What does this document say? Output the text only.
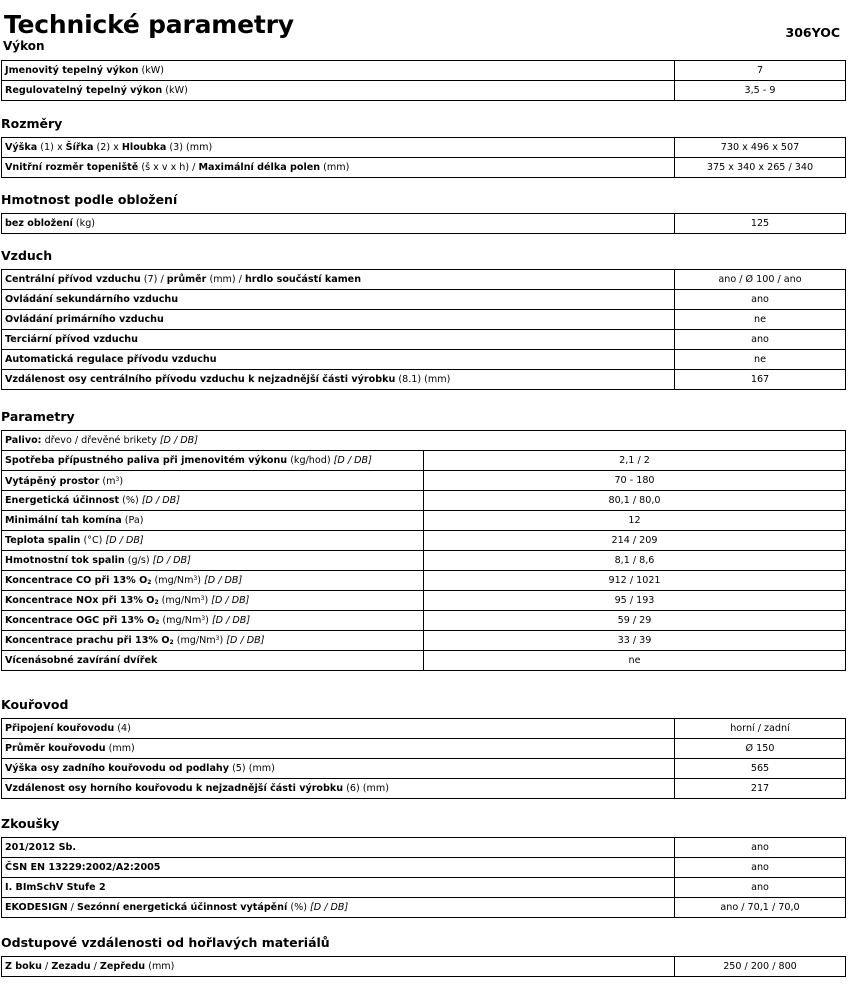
Technické parametry	306YOC
Výkon
Jmenovitý tepelný výkon (kW)	7
Regulovatelný tepelný výkon (kW)	3,5 - 9
Rozměry
Výška (1) x Šířka (2) x Hloubka (3) (mm)	730 x 496 x 507
Vnitřní rozměr topeniště (š x v x h) / Maximální délka polen (mm)	375 x 340 x 265 / 340
Hmotnost podle obložení
bez obložení (kg)	125
Vzduch
Centrální přívod vzduchu (7) / průměr (mm) / hrdlo součástí kamen	ano / Ø 100 / ano
Ovládání sekundárního vzduchu	ano
Ovládání primárního vzduchu	ne
Terciární přívod vzduchu	ano
Automatická regulace přívodu vzduchu	ne
Vzdálenost osy centrálního přívodu vzduchu k nejzadnější části výrobku (8.1) (mm)	167
Parametry
Palivo: dřevo / dřevěné brikety [D / DB]	
Spotřeba přípustného paliva při jmenovitém výkonu (kg/hod) [D / DB]	2,1 / 2
Vytápěný prostor $(m^3)$	70 - 180
Energetická účinnost (%) [D / DB]	80,1 / 80,0
Minimální tah komína (Pa)	12
Teplota spalin (°C) [D / DB]	214 / 209
Hmotnostní tok spalin (g/s) [D / DB]	8,1 / 8,6
Koncentrace CO při 13% $O_2$ (mg/Nm$^3$) [D / DB]	912 / 1021
Koncentrace NOx při 13% $O_2$ (mg/Nm$^3$) [D / DB]	95 / 193
Koncentrace OGC při 13% $O_2$ (mg/Nm$^3$) [D / DB]	59 / 29
Koncentrace prachu při 13% $O_2$ (mg/Nm$^3$) [D / DB]	33 / 39
Vícenásobné zavírání dvířek	ne
Kouřovod
Připojení kouřovodu (4)	horní / zadní
Průměr kouřovodu (mm)	Ø 150
Výška osy zadního kouřovodu od podlahy (5) (mm)	565
Vzdálenost osy horního kouřovodu k nejzadnější části výrobku (6) (mm)	217
Zkoušky
201/2012 Sb.	ano
ČSN EN 13229:2002/A2:2005	ano
I. BImSchV Stufe 2	ano
EKODESIGN / Sezónní energetická účinnost vytápění (%) [D / DB]	ano / 70,1 / 70,0
Odstupové vzdálenosti od hořlavých materiálů
Z boku / Zezadu / Zepředu (mm)	250 / 200 / 800
